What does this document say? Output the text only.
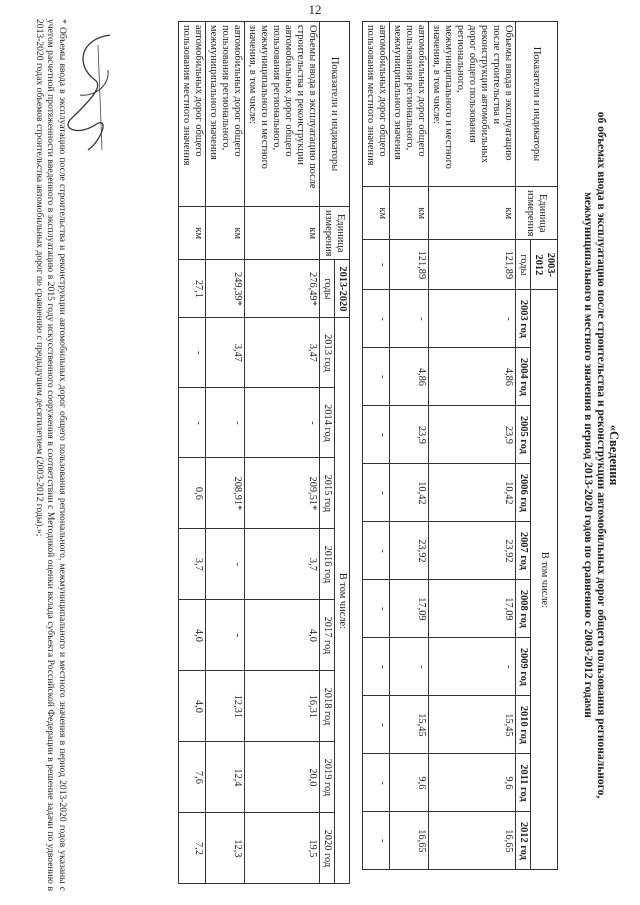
12
«Сведения
об объемах ввода в эксплуатацию после строительства и реконструкции автомобильных дорог общего пользования регионального,
межмуниципального и местного значения в период 2013-2020 годов по сравнению с 2003-2012 годами
Показатели и индикаторы	Единица измерения	2003-2012	В том числе:									
		годы	2003 год	2004 год	2005 год	2006 год	2007 год	2008 год	2009 год	2010 год	2011 год	2012 год
Объемы ввода в эксплуатацию после строительства и реконструкции автомобильных дорог общего пользования регионального, межмуниципального и местного значения, в том числе:	км	121,89	-	4,86	23,9	10,42	23,92	17,09	-	15,45	9,6	16,65
автомобильных дорог общего пользования регионального, межмуниципального значения	км	121,89	-	4,86	23,9	10,42	23,92	17,09	-	15,45	9,6	16,65
автомобильных дорог общего пользования местного значения	км	-	-	-	-	-	-	-	-	-	-	-
Показатели и индикаторы	Единица измерения	2013-2020	В том числе:							
		годы	2013 год	2014 год	2015 год	2016 год	2017 год	2018 год	2019 год	2020 год
Объемы ввода в эксплуатацию после строительства и реконструкции автомобильных дорог общего пользования регионального, межмуниципального и местного значения, в том числе:	км	276,49*	3,47	-	209,51*	3,7	4,0	16,31	20,0	19,5
автомобильных дорог общего пользования регионального, межмуниципального значения	км	249,39*	3,47	-	208,91*	-	-	12,31	12,4	12,3
автомобильных дорог общего пользования местного значения	км	27,1	-	-	0,6	3,7	4,0	4,0	7,6	7,2
* Объемы ввода в эксплуатацию после строительства и реконструкции автомобильных дорог общего пользования регионального, межмуниципального и местного значения в период 2013-2020 годов указаны с учетом расчетной протяженности введенного в эксплуатацию в 2015 году искусственного сооружения в соответствии с Методикой оценки вклада субъекта Российской Федерации в решение задачи по удвоению в 2013-2020 годах объемов строительства автомобильных дорог по сравнению с предыдущим десятилетием (2003-2012 годы).»;
